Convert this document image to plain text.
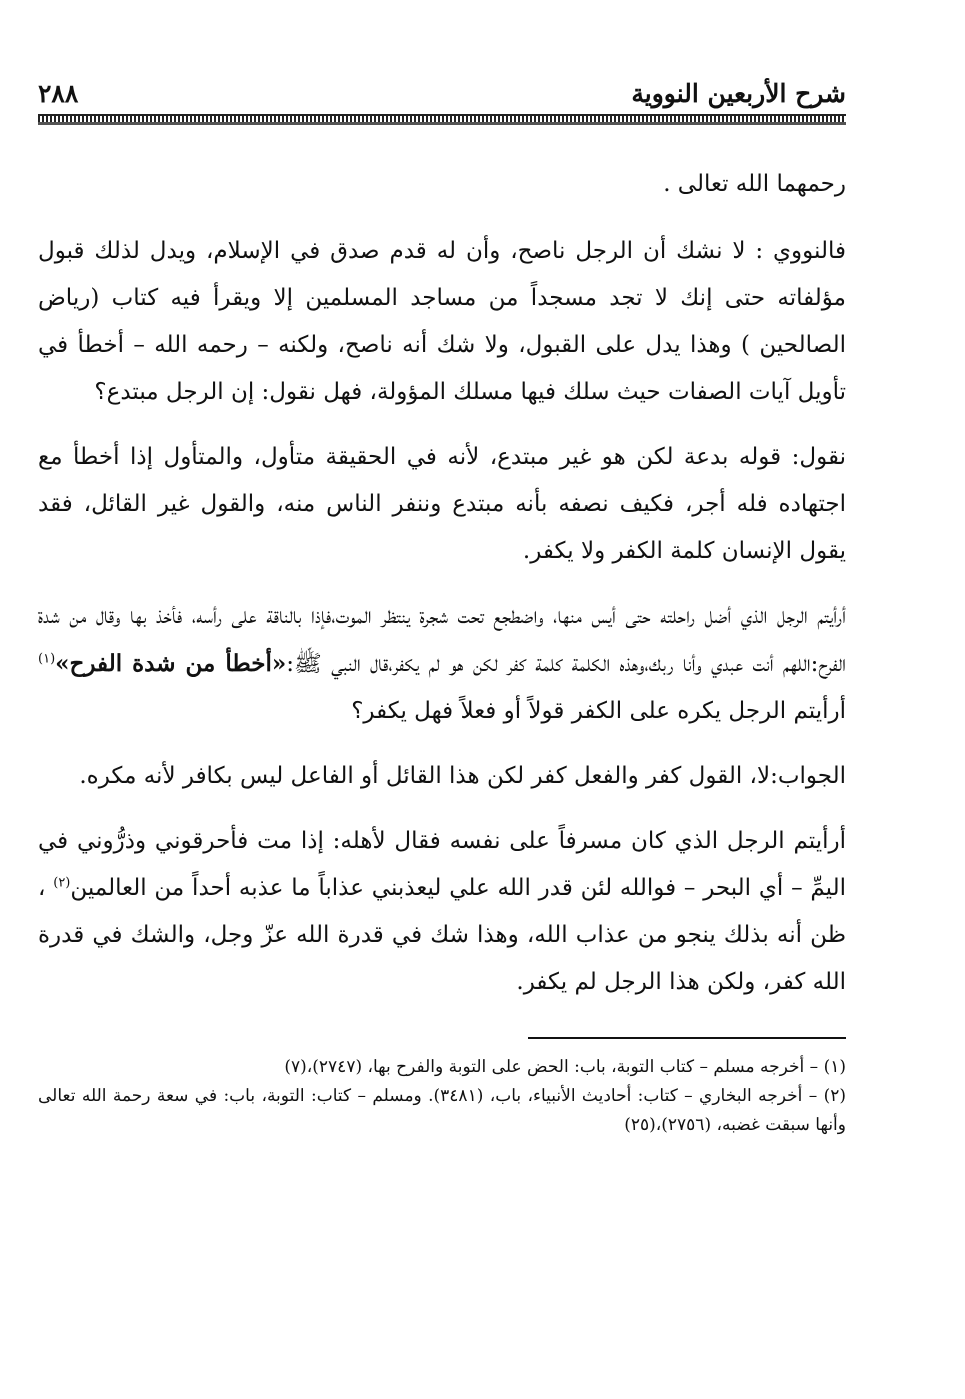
شرح الأربعين النووية
٢٨٨

رحمهما الله تعالى .

فالنووي : لا نشك أن الرجل ناصح، وأن له قدم صدق في الإسلام، ويدل لذلك قبول مؤلفاته حتى إنك لا تجد مسجداً من مساجد المسلمين إلا ويقرأ فيه كتاب (رياض الصالحين ) وهذا يدل على القبول، ولا شك أنه ناصح، ولكنه – رحمه الله – أخطأ في تأويل آيات الصفات حيث سلك فيها مسلك المؤولة، فهل نقول: إن الرجل مبتدع؟

نقول: قوله بدعة لكن هو غير مبتدع، لأنه في الحقيقة متأول، والمتأول إذا أخطأ مع اجتهاده فله أجر، فكيف نصفه بأنه مبتدع وننفر الناس منه، والقول غير القائل، فقد يقول الإنسان كلمة الكفر ولا يكفر.

أرأيتم الرجل الذي أضل راحلته حتى أيس منها، واضطجع تحت شجرة ينتظر الموت،فإذا بالناقة على رأسه، فأخذ بها وقال من شدة الفرح:اللهم أنت عبدي وأنا ربك،وهذه الكلمة كلمة كفر لكن هو لم يكفر،قال النبي ﷺ:«أخطأ من شدة الفرح»$^{(١)}$ أرأيتم الرجل يكره على الكفر قولاً أو فعلاً فهل يكفر؟

الجواب:لا، القول كفر والفعل كفر لكن هذا القائل أو الفاعل ليس بكافر لأنه مكره.

أرأيتم الرجل الذي كان مسرفاً على نفسه فقال لأهله: إذا مت فأحرقوني وذرُّوني في اليمِّ – أي البحر – فوالله لئن قدر الله علي ليعذبني عذاباً ما عذبه أحداً من العالمين$^{(٢)}$ ، ظن أنه بذلك ينجو من عذاب الله، وهذا شك في قدرة الله عزّ وجل، والشك في قدرة الله كفر، ولكن هذا الرجل لم يكفر.

(١) – أخرجه مسلم – كتاب التوبة، باب: الحض على التوبة والفرح بها، (٢٧٤٧)،(٧)

(٢) – أخرجه البخاري – كتاب: أحاديث الأنبياء، باب، (٣٤٨١). ومسلم – كتاب: التوبة، باب: في سعة رحمة الله تعالى وأنها سبقت غضبه، (٢٧٥٦)،(٢٥)
